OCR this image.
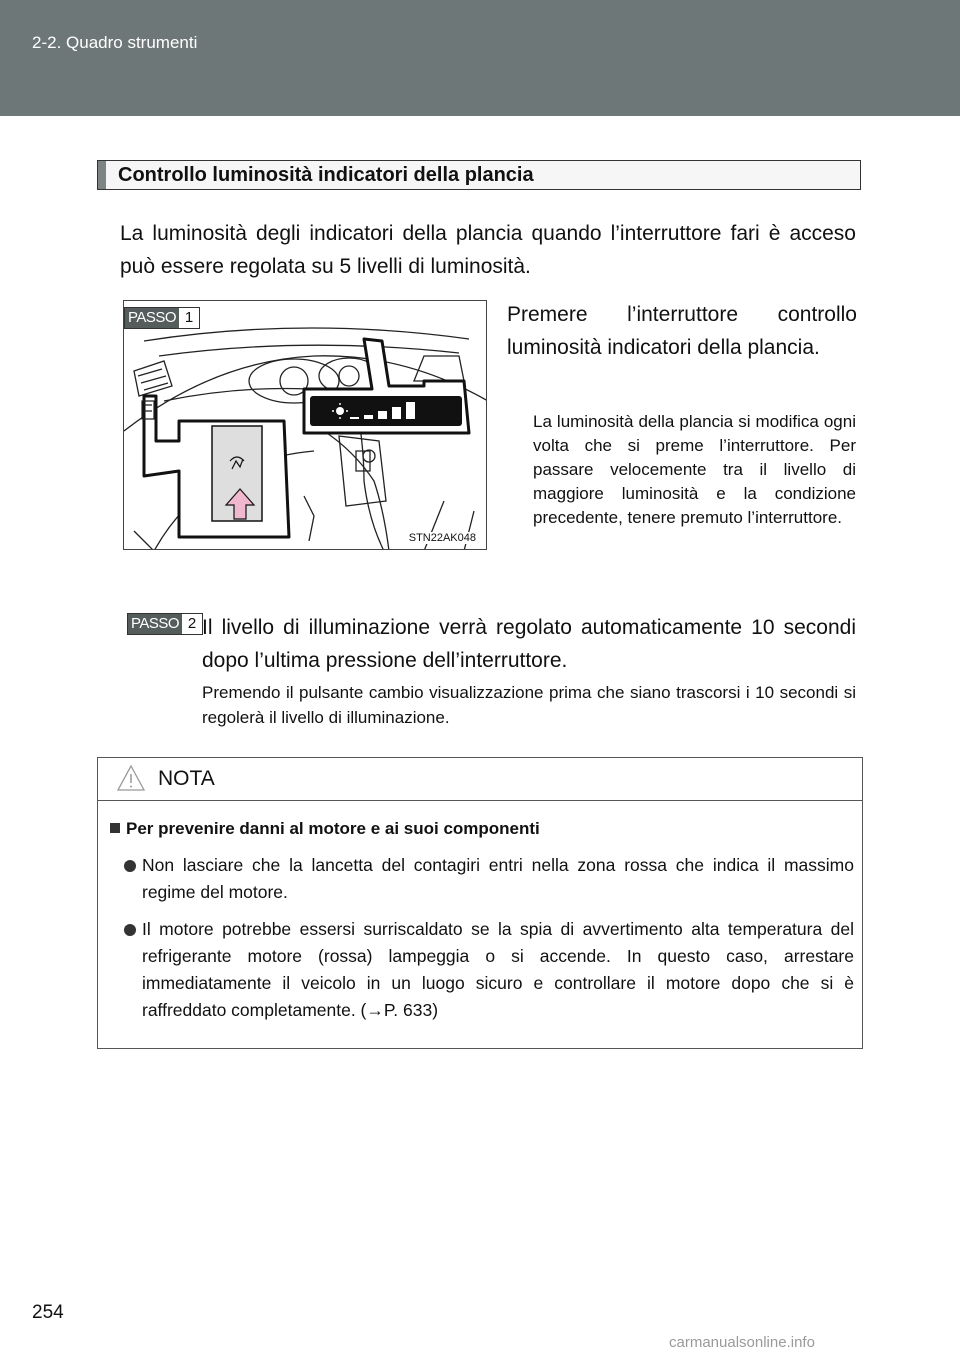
2-2. Quadro strumenti
Controllo luminosità indicatori della plancia
La luminosità degli indicatori della plancia quando l’interruttore fari è acceso può essere regolata su 5 livelli di luminosità.
PASSO 1
STN22AK048
Premere l’interruttore controllo luminosità indicatori della plancia.
La luminosità della plancia si modifica ogni volta che si preme l’interruttore. Per passare velocemente tra il livello di maggiore luminosità e la condizione precedente, tenere premuto l’interruttore.
PASSO 2 Il livello di illuminazione verrà regolato automaticamente 10 secondi dopo l’ultima pressione dell’interruttore.
Premendo il pulsante cambio visualizzazione prima che siano trascorsi i 10 secondi si regolerà il livello di illuminazione.
NOTA
Per prevenire danni al motore e ai suoi componenti
Non lasciare che la lancetta del contagiri entri nella zona rossa che indica il massimo regime del motore.
Il motore potrebbe essersi surriscaldato se la spia di avvertimento alta temperatura del refrigerante motore (rossa) lampeggia o si accende. In questo caso, arrestare immediatamente il veicolo in un luogo sicuro e controllare il motore dopo che si è raffreddato completamente. (→P. 633)
254
carmanualsonline.info
